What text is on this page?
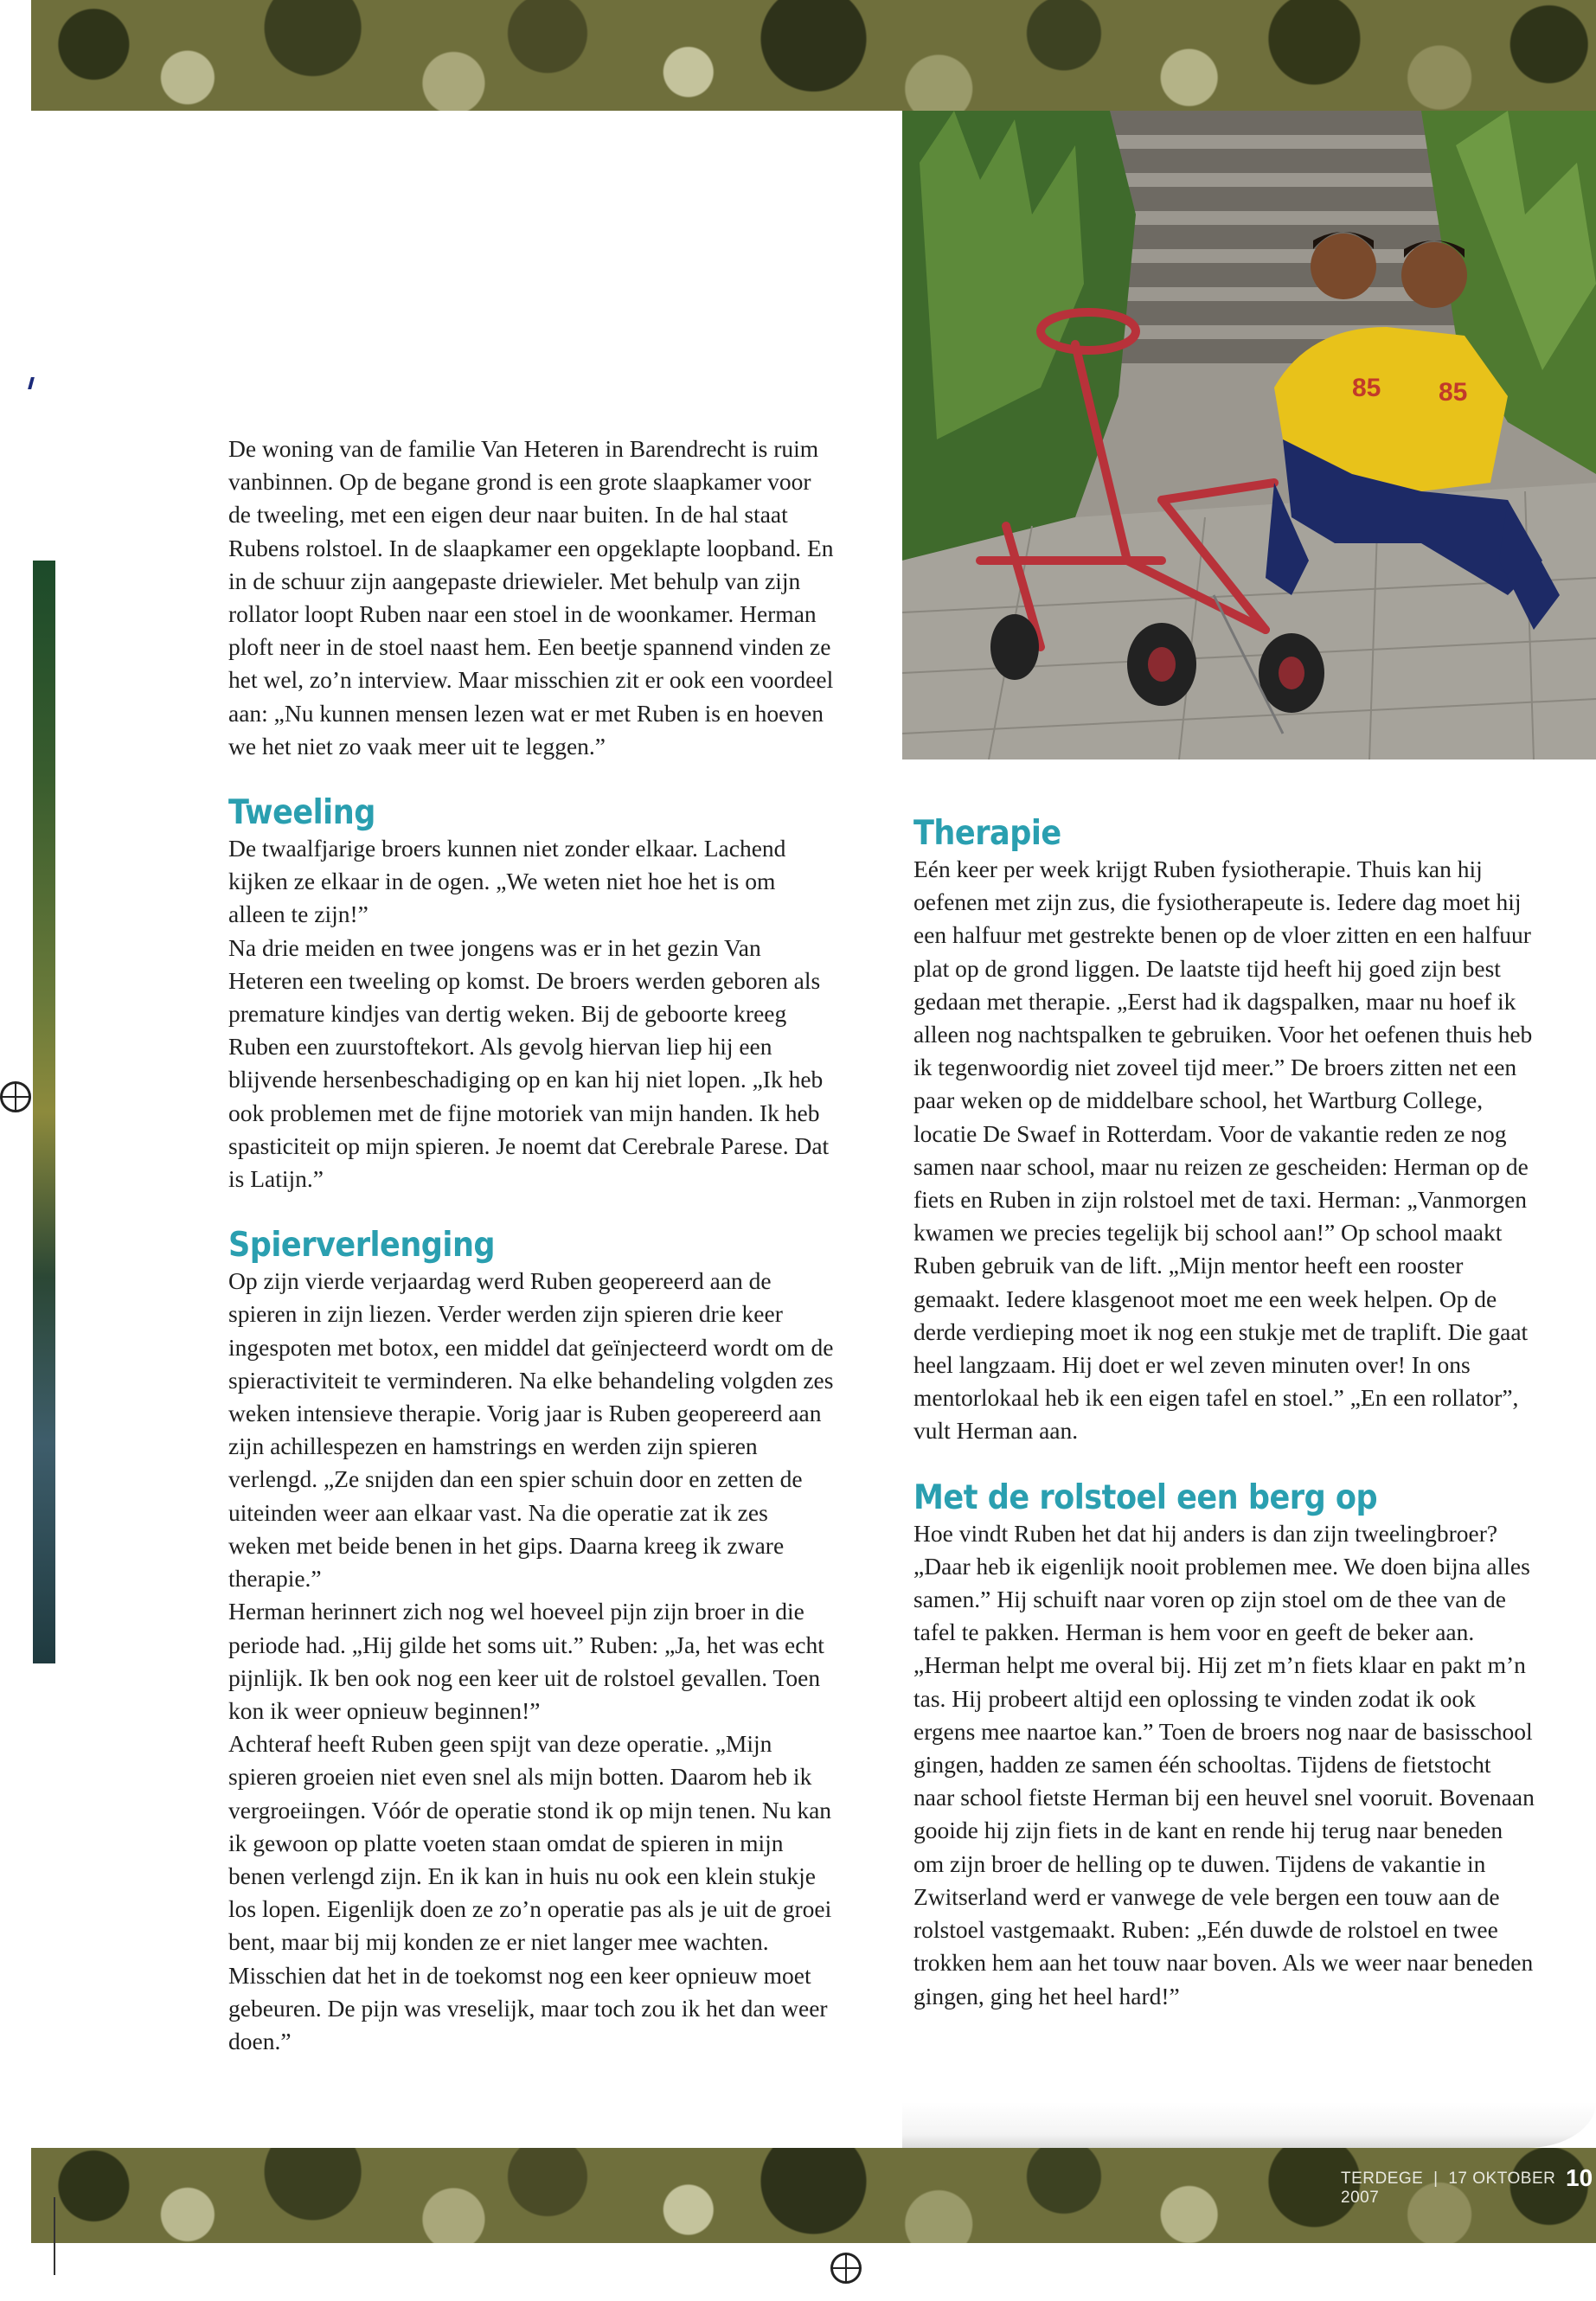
85 85

De woning van de familie Van Heteren in Barendrecht is ruim vanbinnen. Op de begane grond is een grote slaapkamer voor de tweeling, met een eigen deur naar buiten. In de hal staat Rubens rolstoel. In de slaapkamer een opgeklapte loopband. En in de schuur zijn aangepaste driewieler. Met behulp van zijn rollator loopt Ruben naar een stoel in de woonkamer. Herman ploft neer in de stoel naast hem. Een beetje spannend vinden ze het wel, zo’n interview. Maar misschien zit er ook een voordeel aan: „Nu kunnen mensen lezen wat er met Ruben is en hoeven we het niet zo vaak meer uit te leggen.”

Tweeling

De twaalfjarige broers kunnen niet zonder elkaar. Lachend kijken ze elkaar in de ogen. „We weten niet hoe het is om alleen te zijn!”

Na drie meiden en twee jongens was er in het gezin Van Heteren een tweeling op komst. De broers werden geboren als premature kindjes van dertig weken. Bij de geboorte kreeg Ruben een zuurstoftekort. Als gevolg hiervan liep hij een blijvende hersenbeschadiging op en kan hij niet lopen. „Ik heb ook problemen met de fijne motoriek van mijn handen. Ik heb spasticiteit op mijn spieren. Je noemt dat Cerebrale Parese. Dat is Latijn.”

Spierverlenging

Op zijn vierde verjaardag werd Ruben geopereerd aan de spieren in zijn liezen. Verder werden zijn spieren drie keer ingespoten met botox, een middel dat geïnjecteerd wordt om de spieractiviteit te verminderen. Na elke behandeling volgden zes weken intensieve therapie. Vorig jaar is Ruben geopereerd aan zijn achillespezen en hamstrings en werden zijn spieren verlengd. „Ze snijden dan een spier schuin door en zetten de uiteinden weer aan elkaar vast. Na die operatie zat ik zes weken met beide benen in het gips. Daarna kreeg ik zware therapie.”

Herman herinnert zich nog wel hoeveel pijn zijn broer in die periode had. „Hij gilde het soms uit.” Ruben: „Ja, het was echt pijnlijk. Ik ben ook nog een keer uit de rolstoel gevallen. Toen kon ik weer opnieuw beginnen!”

Achteraf heeft Ruben geen spijt van deze operatie. „Mijn spieren groeien niet even snel als mijn botten. Daarom heb ik vergroeiingen. Vóór de operatie stond ik op mijn tenen. Nu kan ik gewoon op platte voeten staan omdat de spieren in mijn benen verlengd zijn. En ik kan in huis nu ook een klein stukje los lopen. Eigenlijk doen ze zo’n operatie pas als je uit de groei bent, maar bij mij konden ze er niet langer mee wachten. Misschien dat het in de toekomst nog een keer opnieuw moet gebeuren. De pijn was vreselijk, maar toch zou ik het dan weer doen.”

Therapie

Eén keer per week krijgt Ruben fysiotherapie. Thuis kan hij oefenen met zijn zus, die fysiotherapeute is. Iedere dag moet hij een halfuur met gestrekte benen op de vloer zitten en een halfuur plat op de grond liggen. De laatste tijd heeft hij goed zijn best gedaan met therapie. „Eerst had ik dagspalken, maar nu hoef ik alleen nog nachtspalken te gebruiken. Voor het oefenen thuis heb ik tegenwoordig niet zoveel tijd meer.” De broers zitten net een paar weken op de middelbare school, het Wartburg College, locatie De Swaef in Rotterdam. Voor de vakantie reden ze nog samen naar school, maar nu reizen ze gescheiden: Herman op de fiets en Ruben in zijn rolstoel met de taxi. Herman: „Vanmorgen kwamen we precies tegelijk bij school aan!” Op school maakt Ruben gebruik van de lift. „Mijn mentor heeft een rooster gemaakt. Iedere klasgenoot moet me een week helpen. Op de derde verdieping moet ik nog een stukje met de traplift. Die gaat heel langzaam. Hij doet er wel zeven minuten over! In ons mentorlokaal heb ik een eigen tafel en stoel.” „En een rollator”, vult Herman aan.

Met de rolstoel een berg op

Hoe vindt Ruben het dat hij anders is dan zijn tweelingbroer? „Daar heb ik eigenlijk nooit problemen mee. We doen bijna alles samen.” Hij schuift naar voren op zijn stoel om de thee van de tafel te pakken. Herman is hem voor en geeft de beker aan. „Herman helpt me overal bij. Hij zet m’n fiets klaar en pakt m’n tas. Hij probeert altijd een oplossing te vinden zodat ik ook ergens mee naartoe kan.” Toen de broers nog naar de basisschool gingen, hadden ze samen één schooltas. Tijdens de fietstocht naar school fietste Herman bij een heuvel snel vooruit. Bovenaan gooide hij zijn fiets in de kant en rende hij terug naar beneden om zijn broer de helling op te duwen. Tijdens de vakantie in Zwitserland werd er vanwege de vele bergen een touw aan de rolstoel vastgemaakt. Ruben: „Eén duwde de rolstoel en twee trokken hem aan het touw naar boven. Als we weer naar beneden gingen, ging het heel hard!”

TERDEGE | 17 OKTOBER 2007
10
